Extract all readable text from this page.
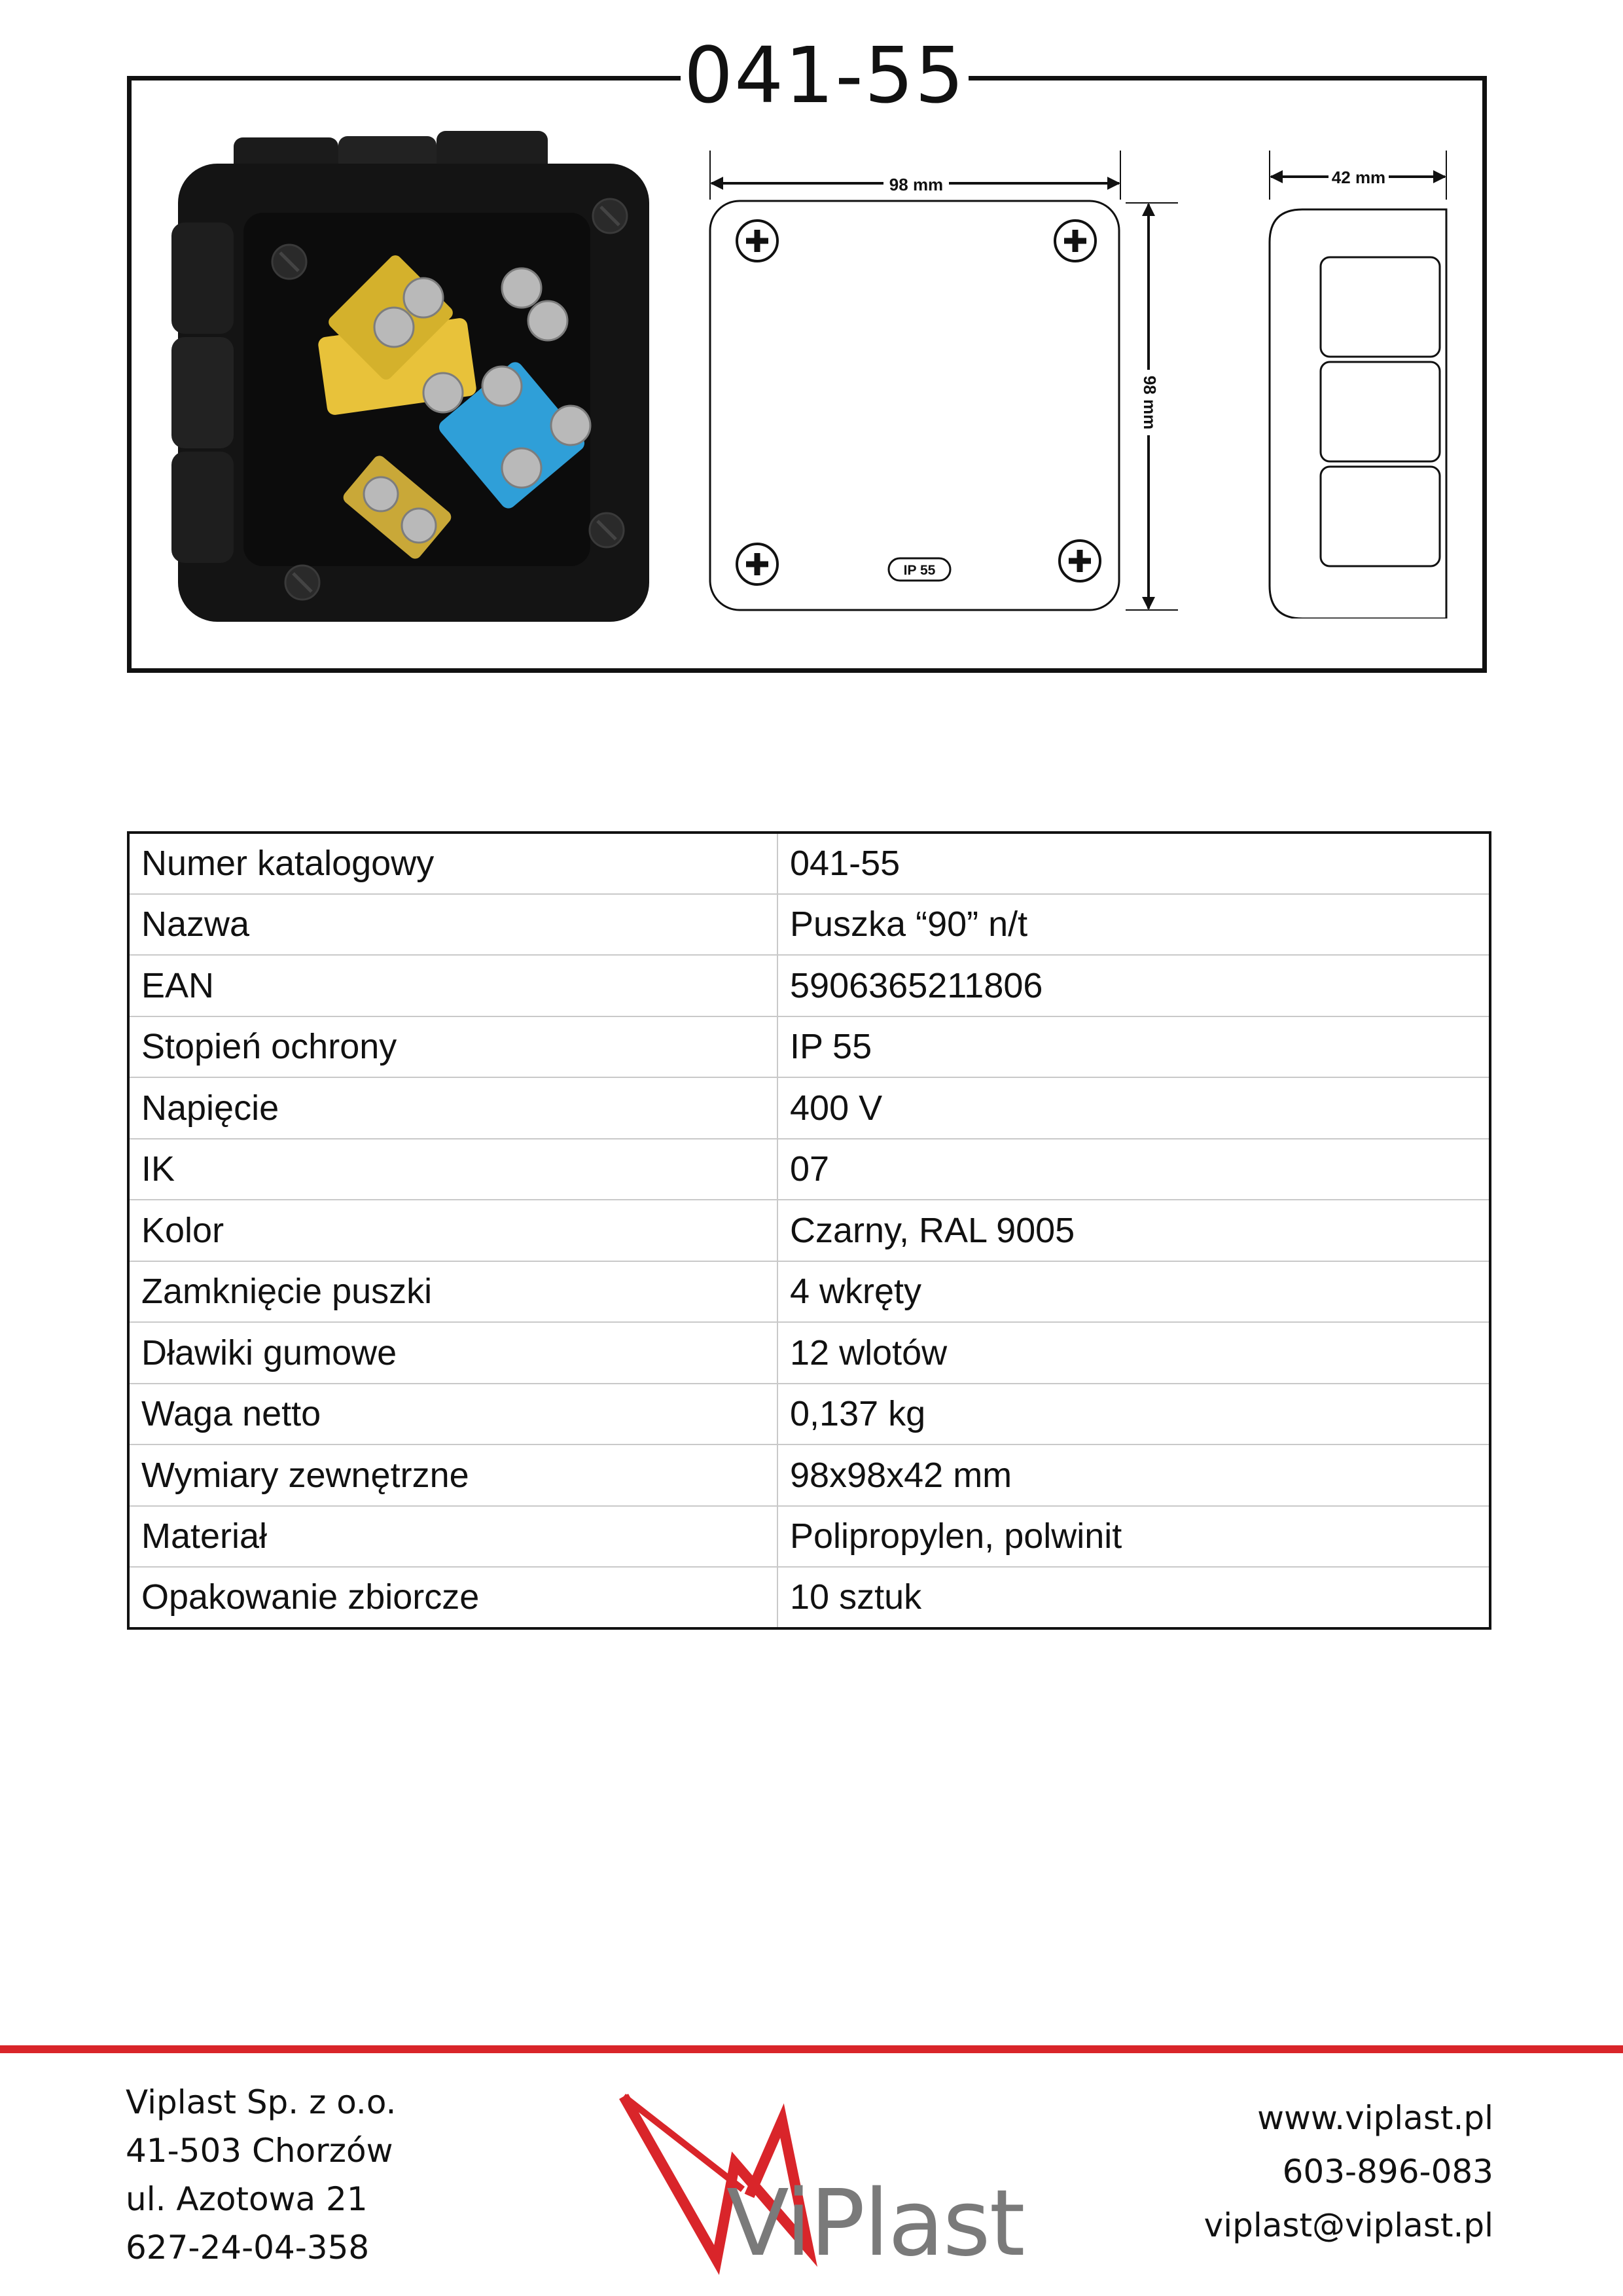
041-55
98 mm
98 mm
IP 55
42 mm
Numer katalogowy	041-55
Nazwa	Puszka “90” n/t
EAN	5906365211806
Stopień ochrony	IP 55
Napięcie	400 V
IK	07
Kolor	Czarny, RAL 9005
Zamknięcie puszki	4 wkręty
Dławiki gumowe	12 wlotów
Waga netto	0,137 kg
Wymiary zewnętrzne	98x98x42 mm
Materiał	Polipropylen, polwinit
Opakowanie zbiorcze	10 sztuk
Viplast Sp. z o.o.
41-503 Chorzów
ul. Azotowa 21
627-24-04-358	ViPlast
www.viplast.pl
603-896-083
viplast@viplast.pl
